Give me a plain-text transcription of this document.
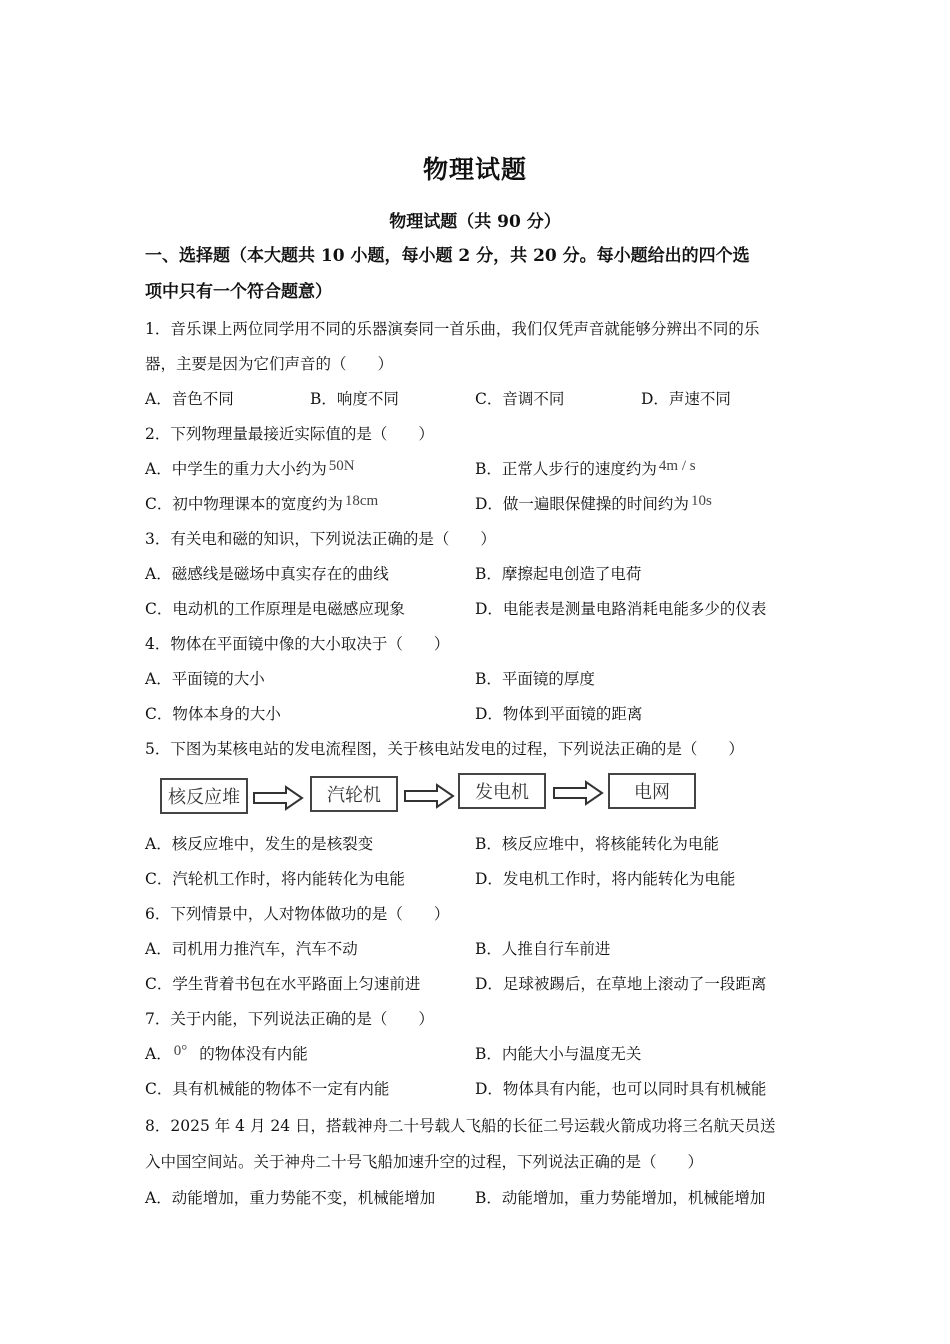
物理试题
物理试题（共 90 分）
一、选择题（本大题共 10 小题，每小题 2 分，共 20 分。每小题给出的四个选
项中只有一个符合题意）
1．音乐课上两位同学用不同的乐器演奏同一首乐曲，我们仅凭声音就能够分辨出不同的乐
器，主要是因为它们声音的（　　）
A．音色不同	B．响度不同	C．音调不同	D．声速不同
2．下列物理量最接近实际值的是（　　）
A．中学生的重力大小约为 50N	B．正常人步行的速度约为 4m / s
C．初中物理课本的宽度约为 18cm	D．做一遍眼保健操的时间约为 10s
3．有关电和磁的知识，下列说法正确的是（　　）
A．磁感线是磁场中真实存在的曲线	B．摩擦起电创造了电荷
C．电动机的工作原理是电磁感应现象	D．电能表是测量电路消耗电能多少的仪表
4．物体在平面镜中像的大小取决于（　　）
A．平面镜的大小	B．平面镜的厚度
C．物体本身的大小	D．物体到平面镜的距离
5．下图为某核电站的发电流程图，关于核电站发电的过程，下列说法正确的是（　　）
核反应堆	汽轮机	发电机	电网
A．核反应堆中，发生的是核裂变	B．核反应堆中，将核能转化为电能
C．汽轮机工作时，将内能转化为电能	D．发电机工作时，将内能转化为电能
6．下列情景中，人对物体做功的是（　　）
A．司机用力推汽车，汽车不动	B．人推自行车前进
C．学生背着书包在水平路面上匀速前进	D．足球被踢后，在草地上滚动了一段距离
7．关于内能，下列说法正确的是（　　）
A． 0° 的物体没有内能	B．内能大小与温度无关
C．具有机械能的物体不一定有内能	D．物体具有内能，也可以同时具有机械能
8．2025 年 4 月 24 日，搭载神舟二十号载人飞船的长征二号运载火箭成功将三名航天员送
入中国空间站。关于神舟二十号飞船加速升空的过程，下列说法正确的是（　　）
A．动能增加，重力势能不变，机械能增加	B．动能增加，重力势能增加，机械能增加
